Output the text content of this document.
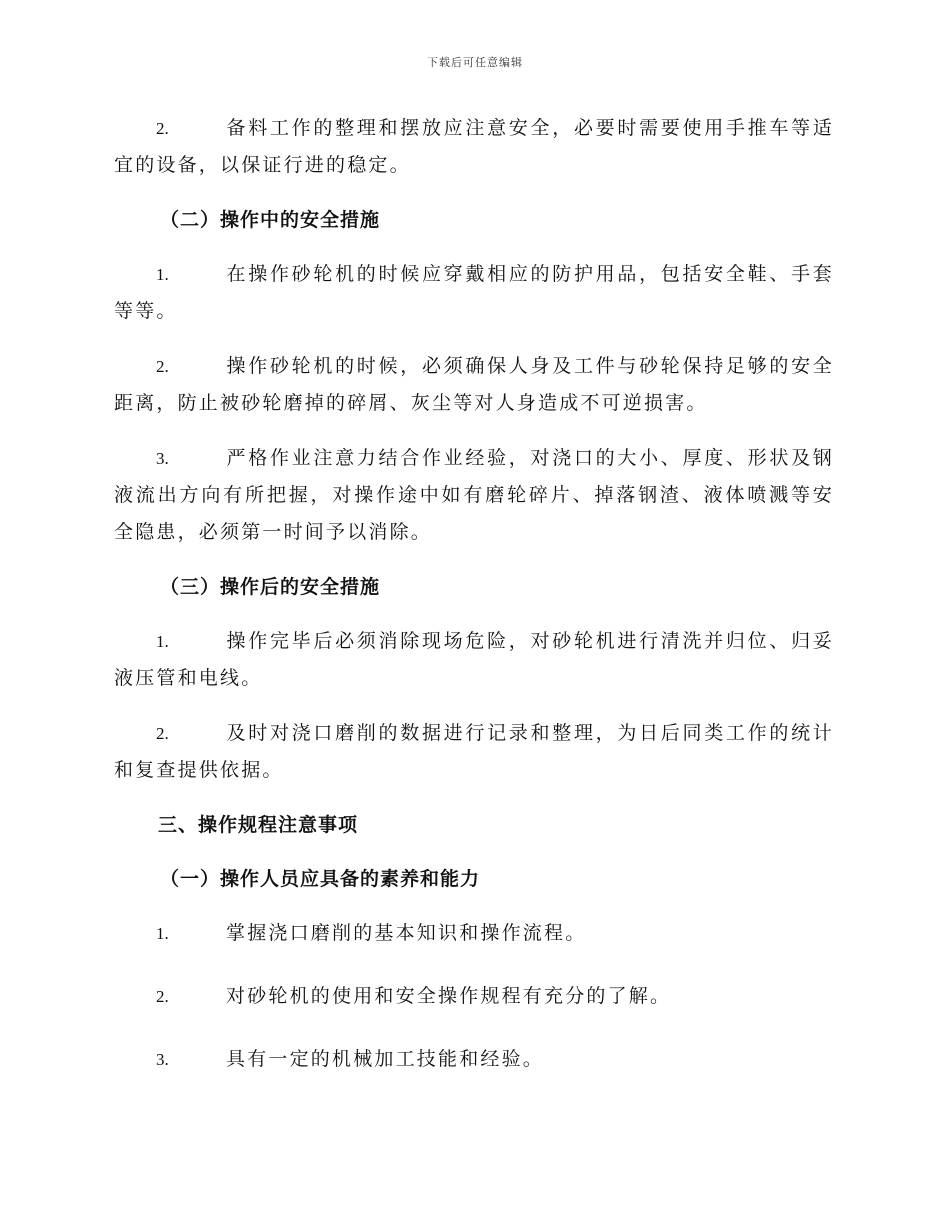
下载后可任意编辑

2.	备料工作的整理和摆放应注意安全，必要时需要使用手推车等适宜的设备，以保证行进的稳定。

（二）操作中的安全措施

1.	在操作砂轮机的时候应穿戴相应的防护用品，包括安全鞋、手套等等。

2.	操作砂轮机的时候，必须确保人身及工件与砂轮保持足够的安全距离，防止被砂轮磨掉的碎屑、灰尘等对人身造成不可逆损害。

3.	严格作业注意力结合作业经验，对浇口的大小、厚度、形状及钢液流出方向有所把握，对操作途中如有磨轮碎片、掉落钢渣、液体喷溅等安全隐患，必须第一时间予以消除。

（三）操作后的安全措施

1.	操作完毕后必须消除现场危险，对砂轮机进行清洗并归位、归妥液压管和电线。

2.	及时对浇口磨削的数据进行记录和整理，为日后同类工作的统计和复查提供依据。

三、操作规程注意事项
（一）操作人员应具备的素养和能力

1.	掌握浇口磨削的基本知识和操作流程。

2.	对砂轮机的使用和安全操作规程有充分的了解。

3.	具有一定的机械加工技能和经验。
